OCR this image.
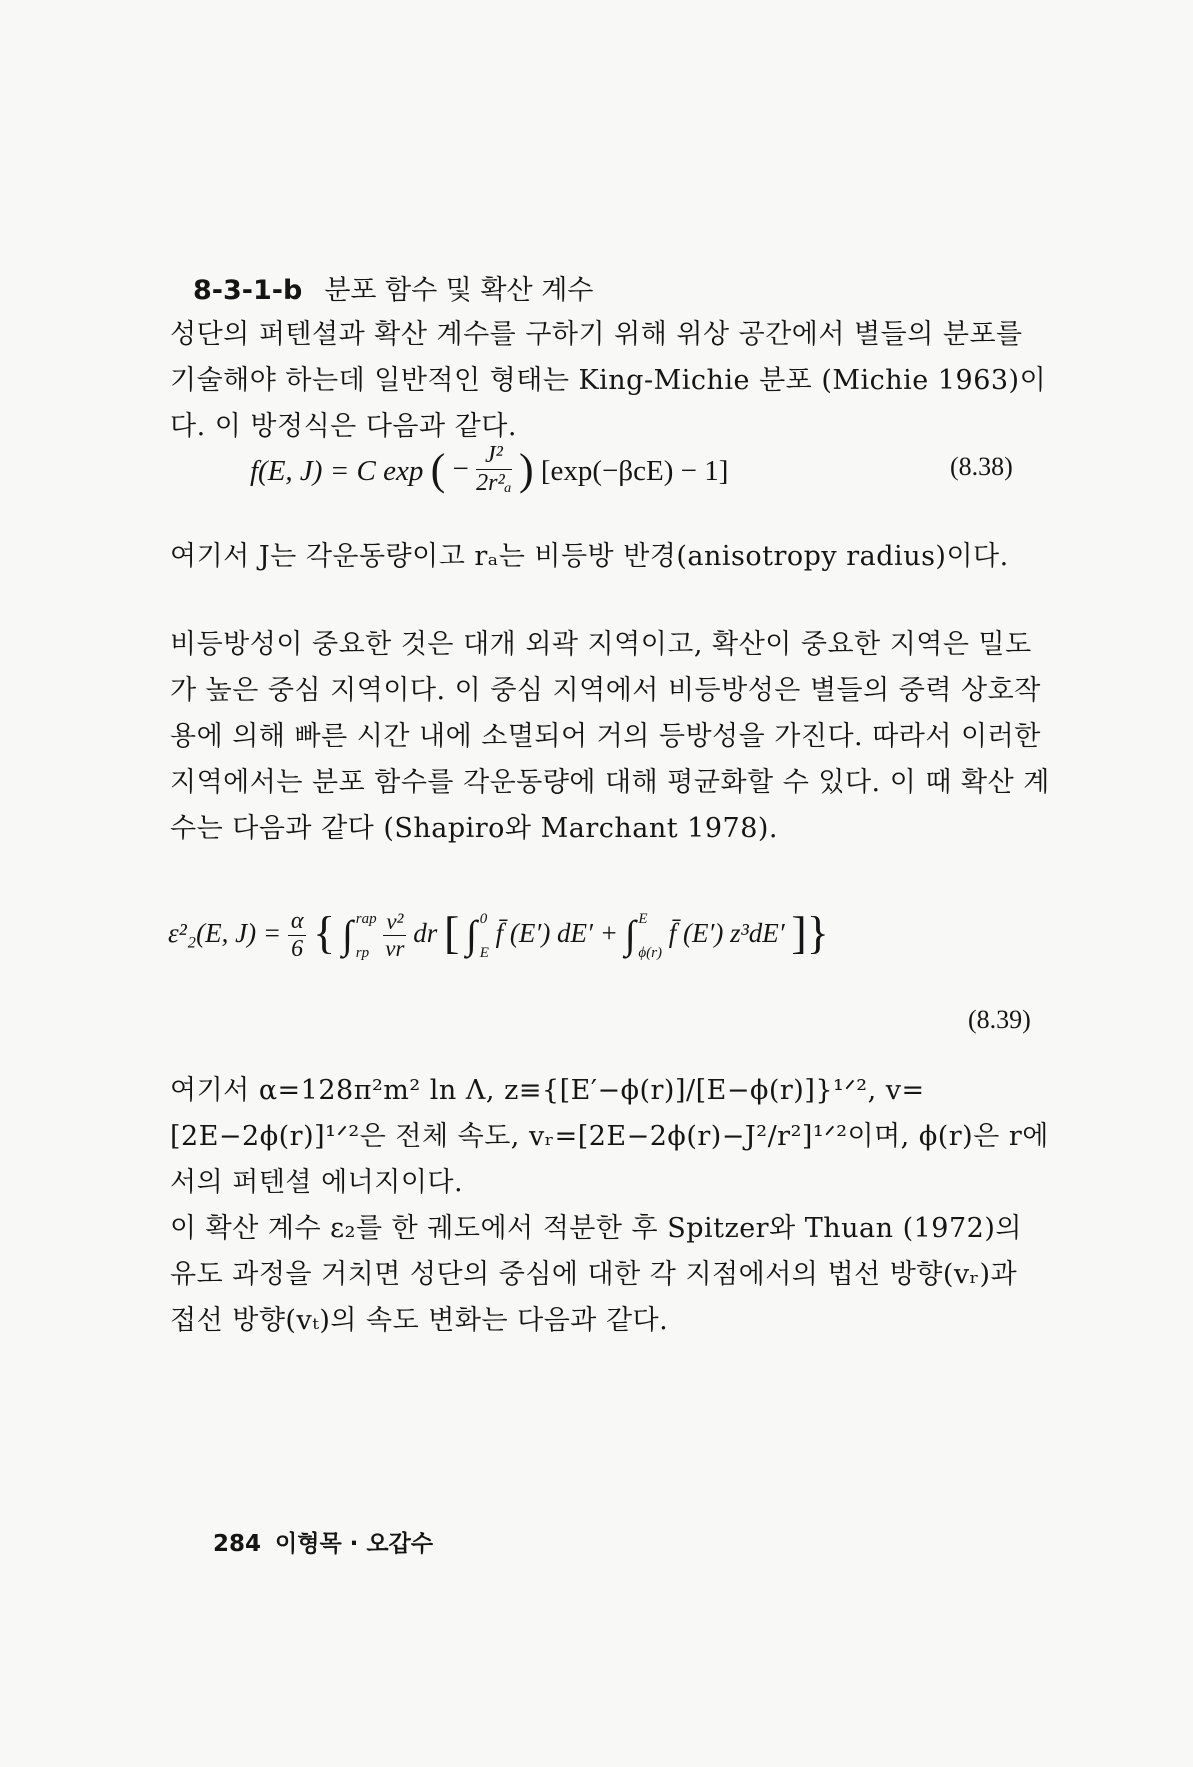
8-3-1-b 분포 함수 및 확산 계수
성단의 퍼텐셜과 확산 계수를 구하기 위해 위상 공간에서 별들의 분포를 기술해야 하는데 일반적인 형태는 King-Michie 분포 (Michie 1963)이다. 이 방정식은 다음과 같다.
f(E, J) = C exp ( − $\frac{\text{J²}}{\text{2r²ₐ}}$ ) [exp(−βcE) − 1]	(8.38)
여기서 J는 각운동량이고 rₐ는 비등방 반경(anisotropy radius)이다.
비등방성이 중요한 것은 대개 외곽 지역이고, 확산이 중요한 지역은 밀도가 높은 중심 지역이다. 이 중심 지역에서 비등방성은 별들의 중력 상호작용에 의해 빠른 시간 내에 소멸되어 거의 등방성을 가진다. 따라서 이러한 지역에서는 분포 함수를 각운동량에 대해 평균화할 수 있다. 이 때 확산 계수는 다음과 같다 (Shapiro와 Marchant 1978).
ε²₂(E, $J) = \frac{\alpha}{6}$ { ∫ rap
rp
$\frac{\text{v²}}{vr}$ dr [ ∫ 0
E
f̄ (E′) dE′ + ∫ E
ϕ(r)
f̄ (E′) z³dE′ ]}
(8.39)
여기서 α=128π²m² ln Λ, z≡{[E′−ϕ(r)]/[E−ϕ(r)]}¹ᐟ², v=[2E−2ϕ(r)]¹ᐟ²은 전체 속도, vᵣ=[2E−2ϕ(r)−J²/r²]¹ᐟ²이며, ϕ(r)은 r에서의 퍼텐셜 에너지이다.
이 확산 계수 ε₂를 한 궤도에서 적분한 후 Spitzer와 Thuan (1972)의 유도 과정을 거치면 성단의 중심에 대한 각 지점에서의 법선 방향(vᵣ)과 접선 방향(vₜ)의 속도 변화는 다음과 같다.
284 이형목 · 오갑수
